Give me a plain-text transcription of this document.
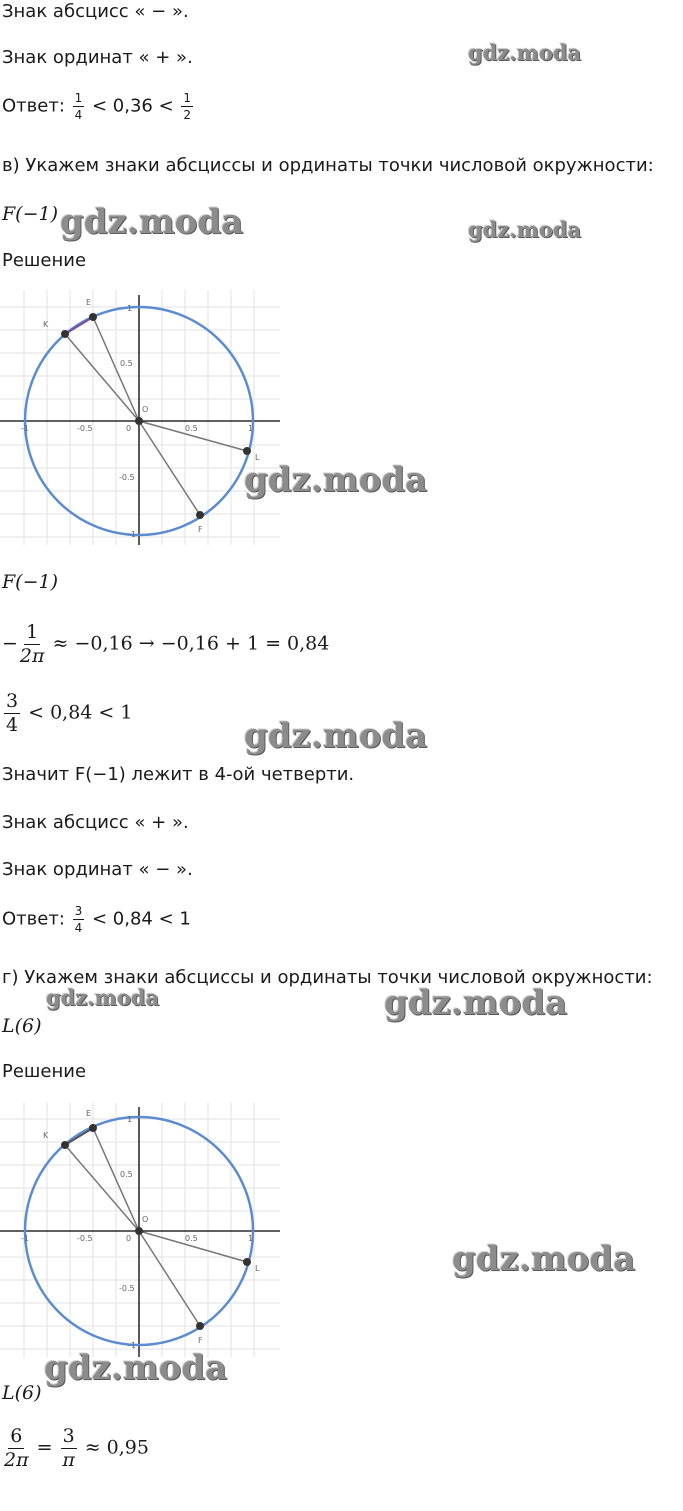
Знак абсцисс « − ».
Знак ординат « + ».
Ответ: $\frac{1}{4} < 0,36 < \frac{1}{2}$
в) Укажем знаки абсциссы и ординаты точки числовой окружности:
F(−1)
Решение
-1	-0.5	0	0.5	1
1
0.5
-0.5
-1
K
E
O
L
F
F(−1)
− $\frac{1}{2\pi} \approx -0,16 \to -0,16 + 1 = 0,84$
$\frac{3}{4} < 0,84 < 1$
Значит F(−1) лежит в 4-ой четверти.
Знак абсцисс « + ».
Знак ординат « − ».
Ответ: $\frac{3}{4} < 0,84 < 1$
г) Укажем знаки абсциссы и ординаты точки числовой окружности:
L(6)
Решение
-1	-0.5	0	0.5	1
1
0.5
-0.5
-1
K
E
O
L
F
L(6)
$\frac{6}{2\pi} = \frac{3}{\pi} \approx 0,95$
gdz.moda
gdz.moda	gdz.moda
gdz.moda
gdz.moda
gdz.moda	gdz.moda
gdz.moda
gdz.moda
